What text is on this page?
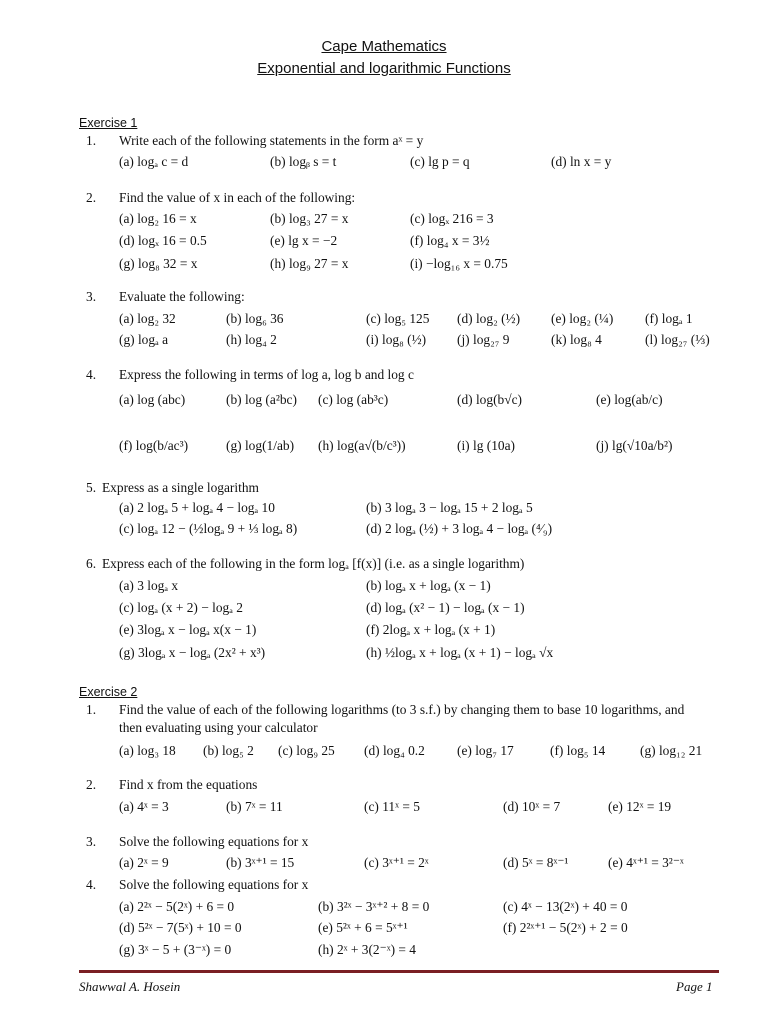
Cape Mathematics
Exponential and logarithmic Functions
Exercise 1
1. Write each of the following statements in the form aˣ = y
(a) logₐ c = d	(b) logᵦ s = t	(c) lg p = q	(d) ln x = y
2. Find the value of x in each of the following:
(a) log₂ 16 = x	(b) log₃ 27 = x	(c) logₓ 216 = 3
(d) logₓ 16 = 0.5	(e) lg x = −2	(f) log₄ x = 3½
(g) log₈ 32 = x	(h) log₉ 27 = x	(i) −log₁₆ x = 0.75
3. Evaluate the following:
(a) log₂ 32	(b) log₆ 36	(c) log₅ 125 (d) log₂ (½) (e) log₂ (¼) (f) logₐ 1
(g) logₐ a	(h) log₄ 2	(i) log₈ (½) (j) log₂₇ 9	(k) log₈ 4	(l) log₂₇ (⅓)
4. Express the following in terms of log a, log b and log c
(a) log (abc)	(b) log (a²bc) (c) log (ab³c)	(d) log(b√c)	(e) log(ab/c)
(f) log(b/ac³)	(g) log(1/ab) (h) log(a√(b/c³))	(i) lg (10a)	(j) lg(√10a/b²)
5. Express as a single logarithm
(a) 2 logₐ 5 + logₐ 4 − logₐ 10	(b) 3 logₐ 3 − logₐ 15 + 2 logₐ 5
(c) logₐ 12 − (½logₐ 9 + ⅓ logₐ 8)	(d) 2 logₐ (½) + 3 logₐ 4 − logₐ (⁴⁄₉)
6. Express each of the following in the form logₐ [f(x)] (i.e. as a single logarithm)
(a) 3 logₐ x	(b) logₐ x + logₐ (x − 1)
(c) logₐ (x + 2) − logₐ 2	(d) logₐ (x² − 1) − logₐ (x − 1)
(e) 3logₐ x − logₐ x(x − 1)	(f) 2logₐ x + logₐ (x + 1)
(g) 3logₐ x − logₐ (2x² + x³)	(h) ½logₐ x + logₐ (x + 1) − logₐ √x
Exercise 2
1. Find the value of each of the following logarithms (to 3 s.f.) by changing them to base 10 logarithms, and
then evaluating using your calculator
(a) log₃ 18 (b) log₅ 2 (c) log₉ 25 (d) log₄ 0.2 (e) log₇ 17	(f) log₅ 14	(g) log₁₂ 21
2. Find x from the equations
(a) 4ˣ = 3	(b) 7ˣ = 11	(c) 11ˣ = 5	(d) 10ˣ = 7	(e) 12ˣ = 19
3. Solve the following equations for x
(a) 2ˣ = 9	(b) 3ˣ⁺¹ = 15	(c) 3ˣ⁺¹ = 2ˣ	(d) 5ˣ = 8ˣ⁻¹	(e) 4ˣ⁺¹ = 3²⁻ˣ
4. Solve the following equations for x
(a) 2²ˣ − 5(2ˣ) + 6 = 0	(b) 3²ˣ − 3ˣ⁺² + 8 = 0	(c) 4ˣ − 13(2ˣ) + 40 = 0
(d) 5²ˣ − 7(5ˣ) + 10 = 0	(e) 5²ˣ + 6 = 5ˣ⁺¹	(f) 2²ˣ⁺¹ − 5(2ˣ) + 2 = 0
(g) 3ˣ − 5 + (3⁻ˣ) = 0	(h) 2ˣ + 3(2⁻ˣ) = 4
Shawwal A. Hosein	Page 1
